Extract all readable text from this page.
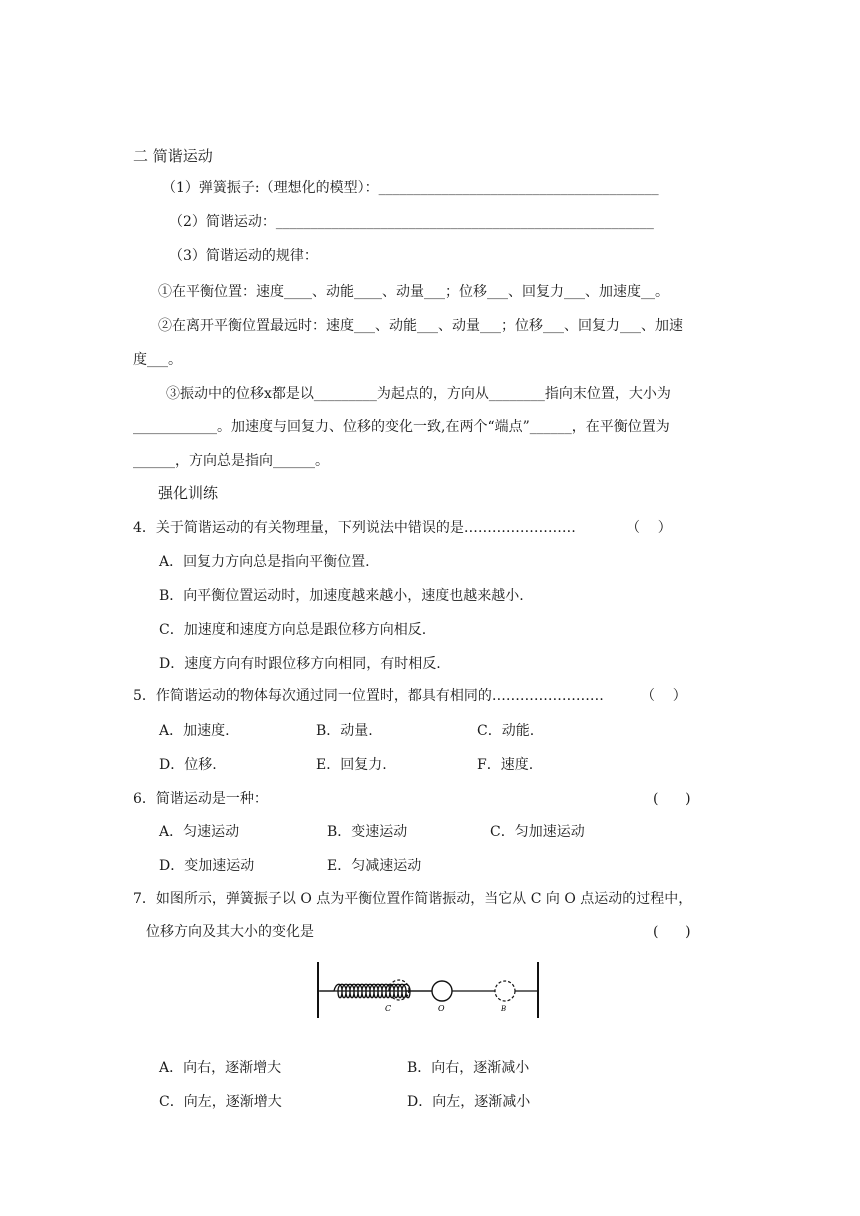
二 简谐运动
（1）弹簧振子:（理想化的模型）：________________________________________
（2）简谐运动：______________________________________________________
（3）简谐运动的规律：
①在平衡位置：速度____、动能____、动量___；位移___、回复力___、加速度__。
②在离开平衡位置最远时：速度___、动能___、动量___；位移___、回复力___、加速
度___。
③振动中的位移x都是以_________为起点的，方向从________指向末位置，大小为
____________。加速度与回复力、位移的变化一致,在两个“端点”______，在平衡位置为
______，方向总是指向______。
强化训练
4．关于简谐运动的有关物理量，下列说法中错误的是……………………	（    ）
A．回复力方向总是指向平衡位置.
B．向平衡位置运动时，加速度越来越小，速度也越来越小.
C．加速度和速度方向总是跟位移方向相反.
D．速度方向有时跟位移方向相同，有时相反.
5．作简谐运动的物体每次通过同一位置时，都具有相同的……………………	（    ）
A．加速度.	B．动量.	C．动能.
D．位移.	E．回复力.	F．速度.
6．简谐运动是一种：	(      )
A．匀速运动	B．变速运动	C．匀加速运动
D．变加速运动	E．匀减速运动
7．如图所示，弹簧振子以 O 点为平衡位置作简谐振动，当它从 C 向 O 点运动的过程中，
位移方向及其大小的变化是	(      )
C	O	B
A．向右，逐渐增大	B．向右，逐渐减小
C．向左，逐渐增大	D．向左，逐渐减小
